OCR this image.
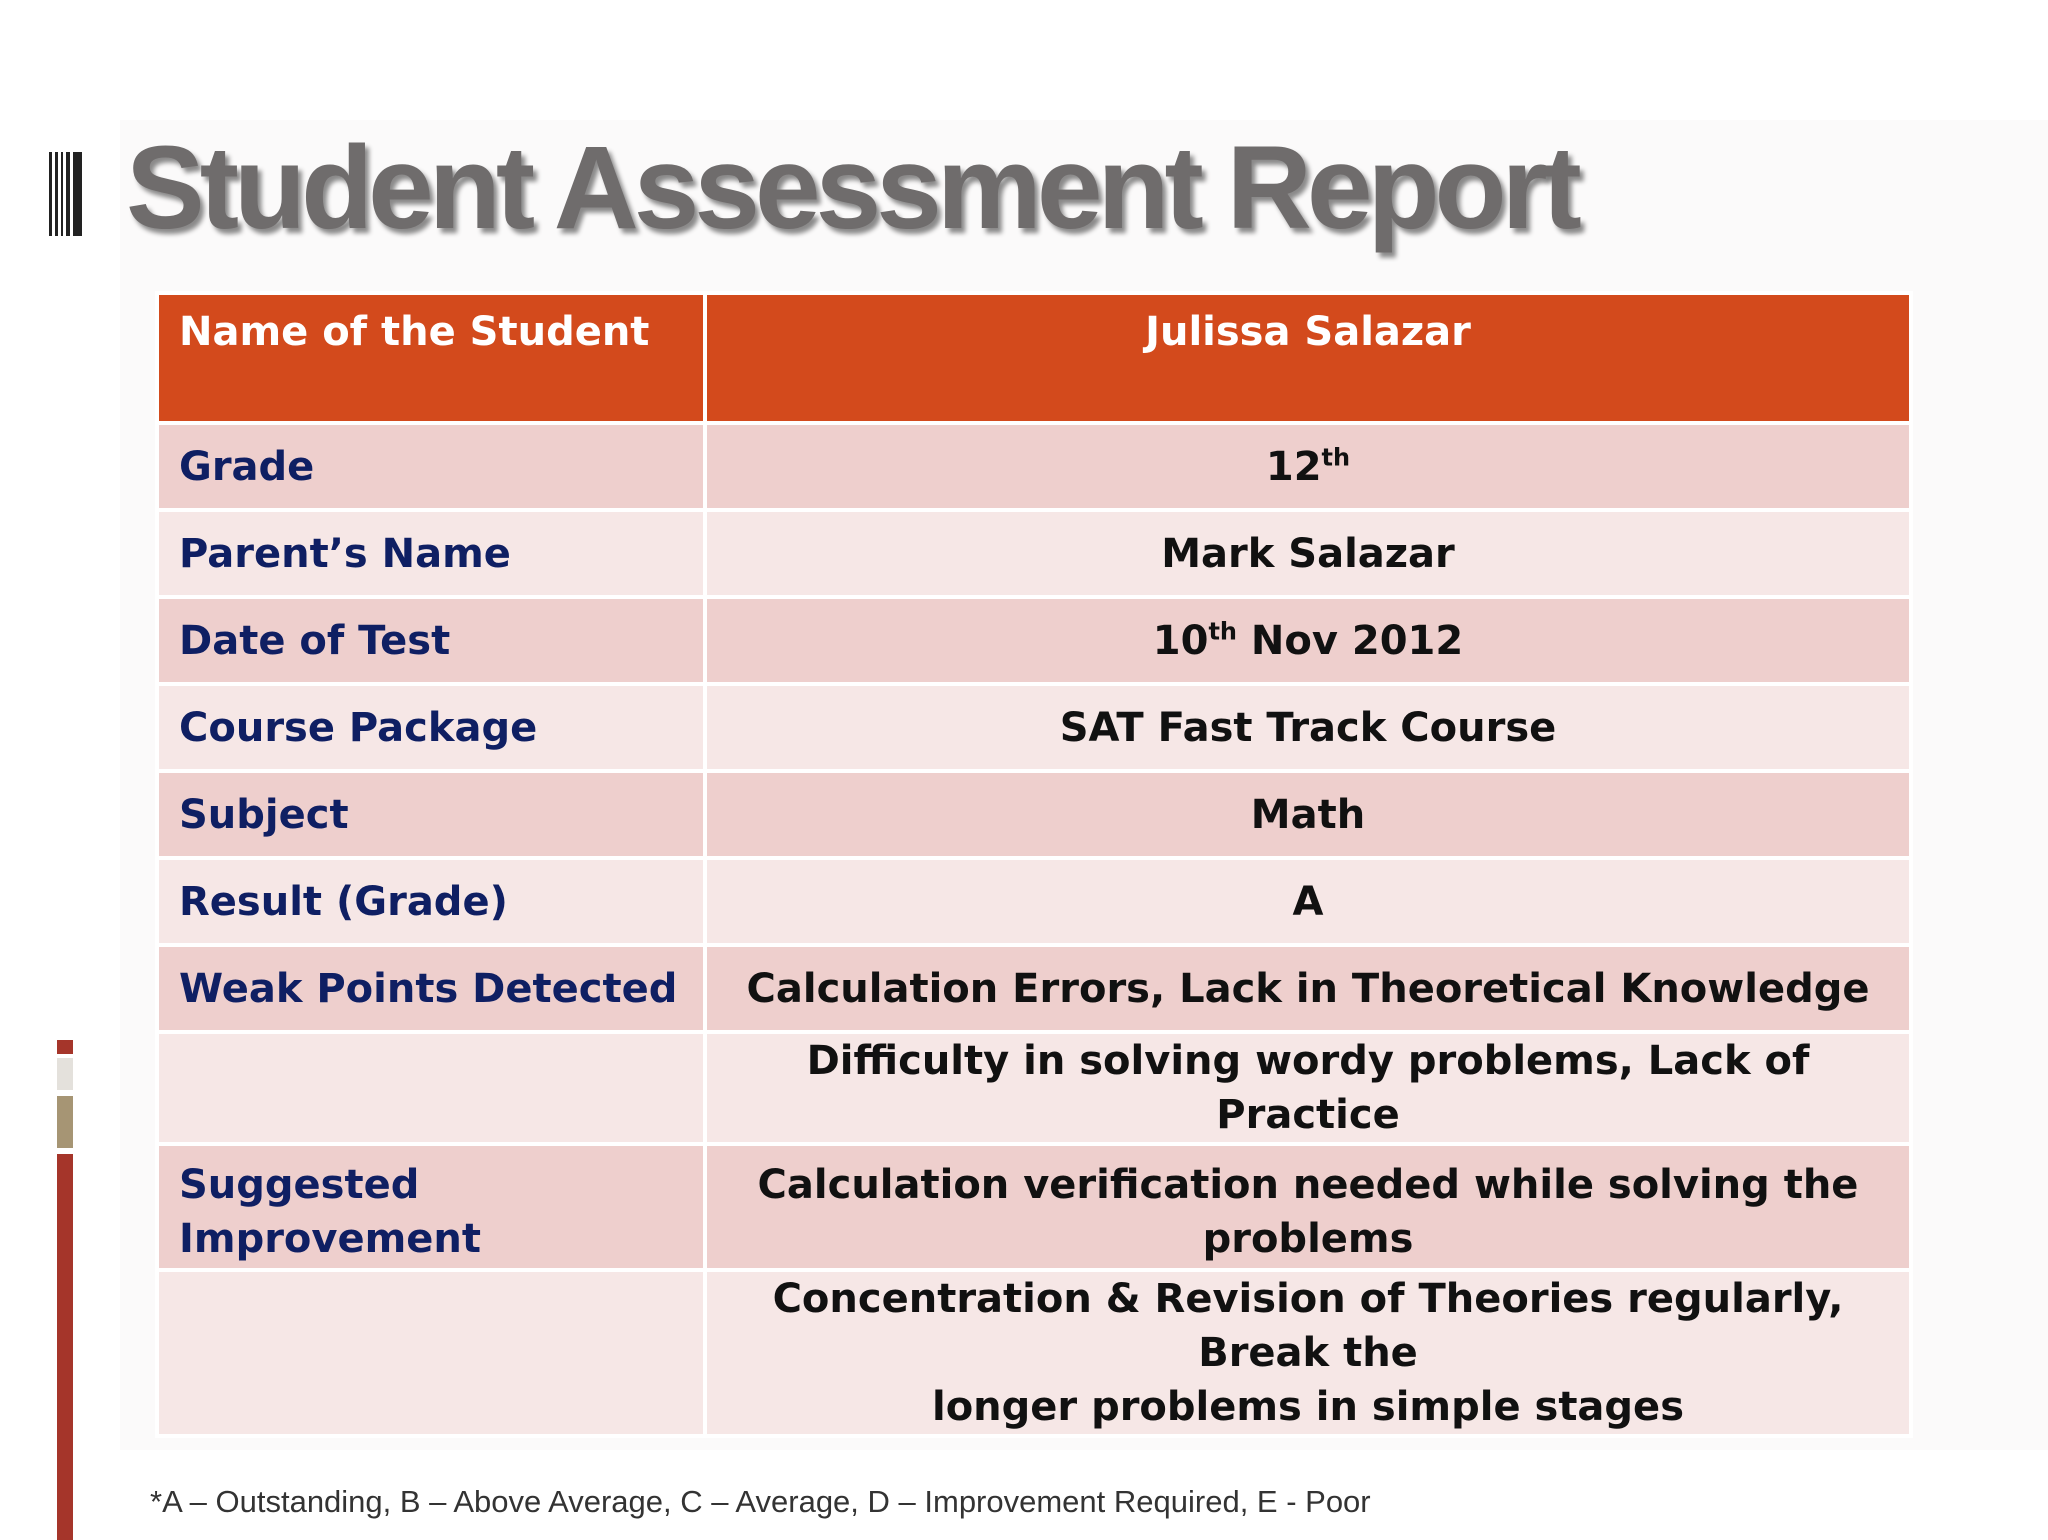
Student Assessment Report
Name of the Student	Julissa Salazar
Grade	12th
Parent’s Name	Mark Salazar
Date of Test	10th Nov 2012
Course Package	SAT Fast Track Course
Subject	Math
Result (Grade)	A
Weak Points Detected	Calculation Errors, Lack in Theoretical Knowledge
	Difficulty in solving wordy problems, Lack of Practice
Suggested Improvement	Calculation verification needed while solving the problems
	Concentration & Revision of Theories regularly, Break the
longer problems in simple stages
*A – Outstanding, B – Above Average, C – Average, D – Improvement Required, E - Poor
